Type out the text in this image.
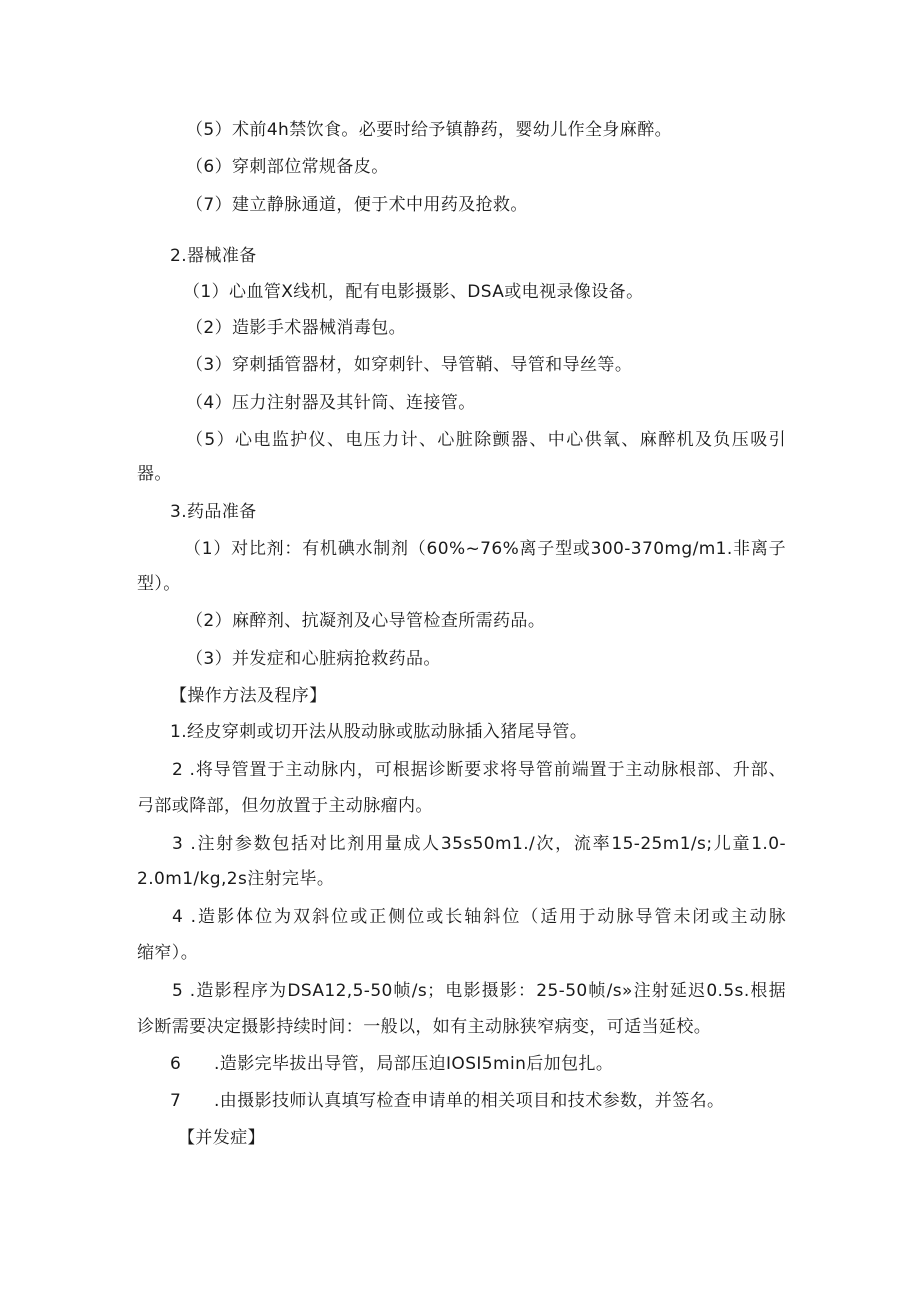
（5）术前4h禁饮食。必要时给予镇静药，婴幼儿作全身麻醉。
（6）穿刺部位常规备皮。
（7）建立静脉通道，便于术中用药及抢救。
2.器械准备
（1）心血管X线机，配有电影摄影、DSA或电视录像设备。
（2）造影手术器械消毒包。
（3）穿刺插管器材，如穿刺针、导管鞘、导管和导丝等。
（4）压力注射器及其针筒、连接管。
（5）心电监护仪、电压力计、心脏除颤器、中心供氧、麻醉机及负压吸引
器。
3.药品准备
（1）对比剂：有机碘水制剂（60%~76%离子型或300-370mg/m1.非离子
型）。
（2）麻醉剂、抗凝剂及心导管检查所需药品。
（3）并发症和心脏病抢救药品。
【操作方法及程序】
1.经皮穿刺或切开法从股动脉或肱动脉插入猪尾导管。
2 .将导管置于主动脉内，可根据诊断要求将导管前端置于主动脉根部、升部、
弓部或降部，但勿放置于主动脉瘤内。
3 .注射参数包括对比剂用量成人35s50m1./次，流率15-25m1/s;儿童1.0-
2.0m1/kg,2s注射完毕。
4 .造影体位为双斜位或正侧位或长轴斜位（适用于动脉导管未闭或主动脉
缩窄）。
5 .造影程序为DSA12,5-50帧/s；电影摄影：25-50帧/s»注射延迟0.5s.根据
诊断需要决定摄影持续时间：一般以，如有主动脉狭窄病变，可适当延校。
6 .造影完毕拔出导管，局部压迫IOSI5min后加包扎。
7 .由摄影技师认真填写检查申请单的相关项目和技术参数，并签名。
【并发症】
